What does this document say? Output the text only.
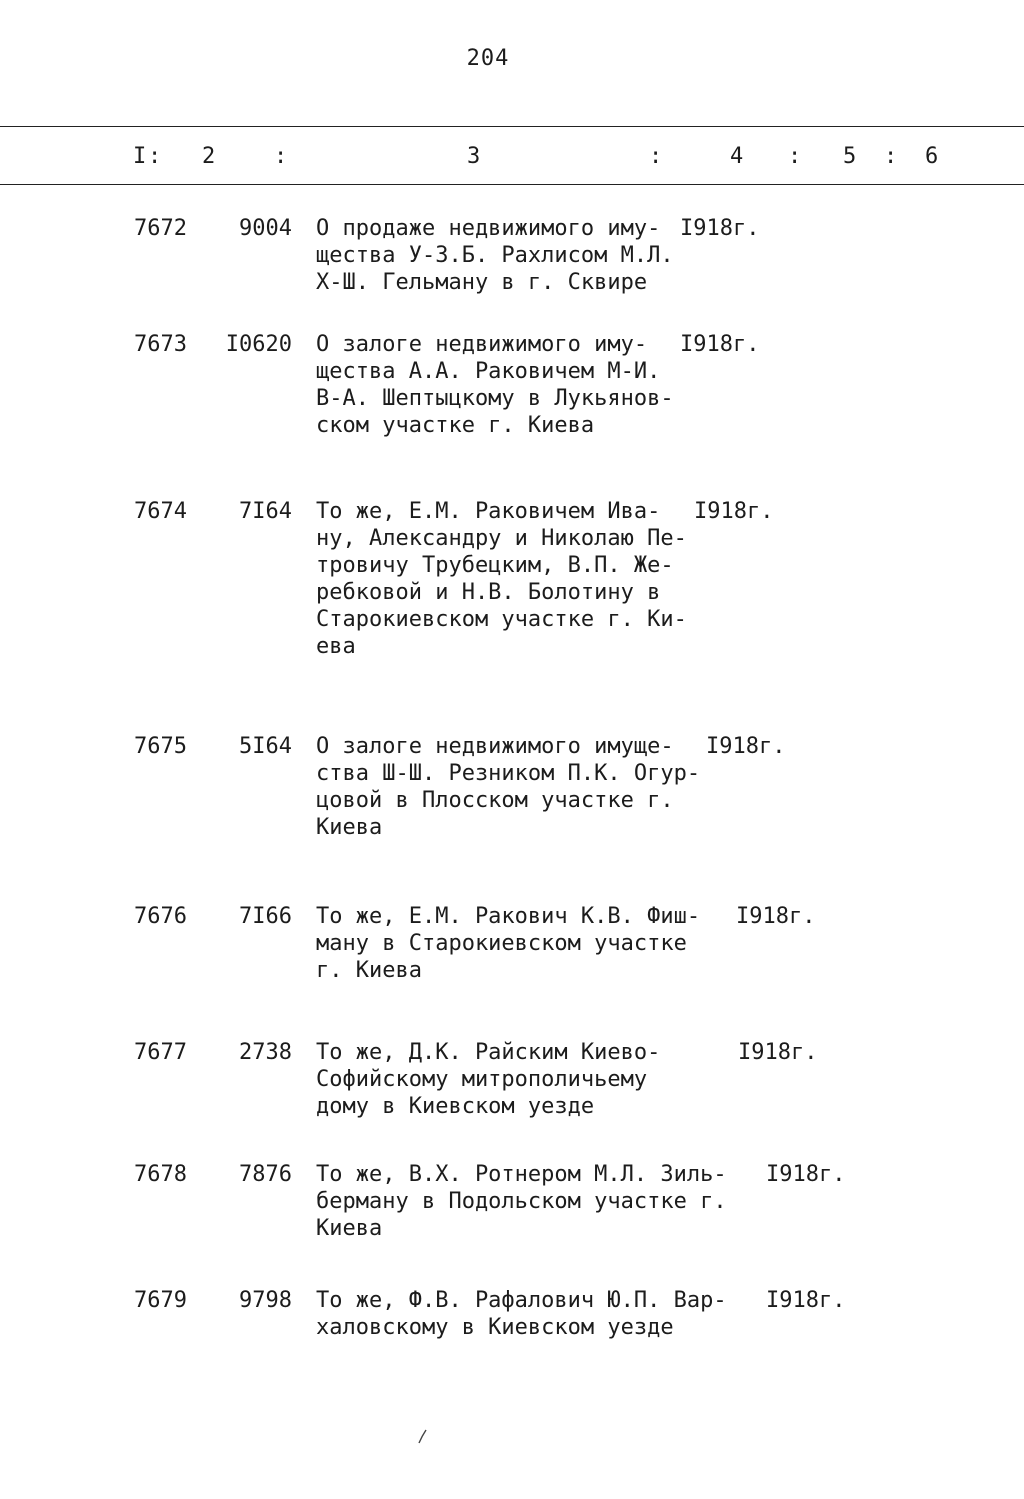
204
I : 2	:	3	:	4 : 5 : 6
7672	9004 О продаже недвижимого иму-
щества У-З.Б. Рахлисом М.Л.
Х-Ш. Гельману в г. Сквире
I918г.
7673	I0620 О залоге недвижимого иму-
щества А.А. Раковичем М-И.
В-А. Шептыцкому в Лукьянов-
ском участке г. Киева
I918г.
7674	7I64 То же, Е.М. Раковичем Ива-
ну, Александру и Николаю Пе-
тровичу Трубецким, В.П. Же-
ребковой и Н.В. Болотину в
Старокиевском участке г. Ки-
ева
I918г.
7675	5I64 О залоге недвижимого имуще-
ства Ш-Ш. Резником П.К. Огур-
цовой в Плосском участке г.
Киева
I918г.
7676	7I66 То же, Е.М. Ракович К.В. Фиш-
ману в Старокиевском участке
г. Киева
I918г.
7677	2738 То же, Д.К. Райским Киево-
Софийскому митрополичьему
дому в Киевском уезде
I918г.
7678	7876 То же, В.Х. Ротнером М.Л. Зиль-
берману в Подольском участке г.
Киева
I918г.
7679	9798 То же, Ф.В. Рафалович Ю.П. Вар-
халовскому в Киевском уезде
I918г.
